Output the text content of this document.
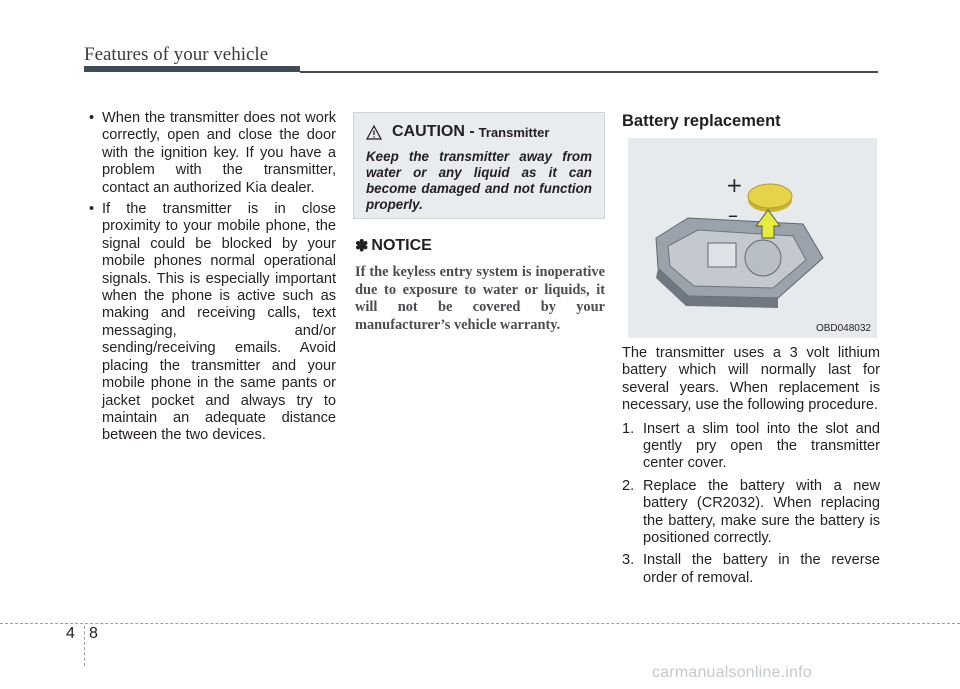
Features of your vehicle
• When the transmitter does not work correctly, open and close the door with the ignition key. If you have a problem with the transmitter, contact an authorized Kia dealer.
• If the transmitter is in close proximity to your mobile phone, the signal could be blocked by your mobile phones normal operational signals. This is especially important when the phone is active such as making and receiving calls, text messaging, and/or sending/receiving emails. Avoid placing the transmitter and your mobile phone in the same pants or jacket pocket and always try to maintain an adequate distance between the two devices.
CAUTION - Transmitter
Keep the transmitter away from water or any liquid as it can become damaged and not function properly.
✽ NOTICE
If the keyless entry system is inoperative due to exposure to water or liquids, it will not be covered by your manufacturer’s vehicle warranty.
Battery replacement
+
–
OBD048032

The transmitter uses a 3 volt lithium battery which will normally last for several years. When replacement is necessary, use the following procedure.

1. Insert a slim tool into the slot and gently pry open the transmitter center cover.
2. Replace the battery with a new battery (CR2032). When replacing the battery, make sure the battery is positioned correctly.
3. Install the battery in the reverse order of removal.
4 8
carmanualsonline.info
